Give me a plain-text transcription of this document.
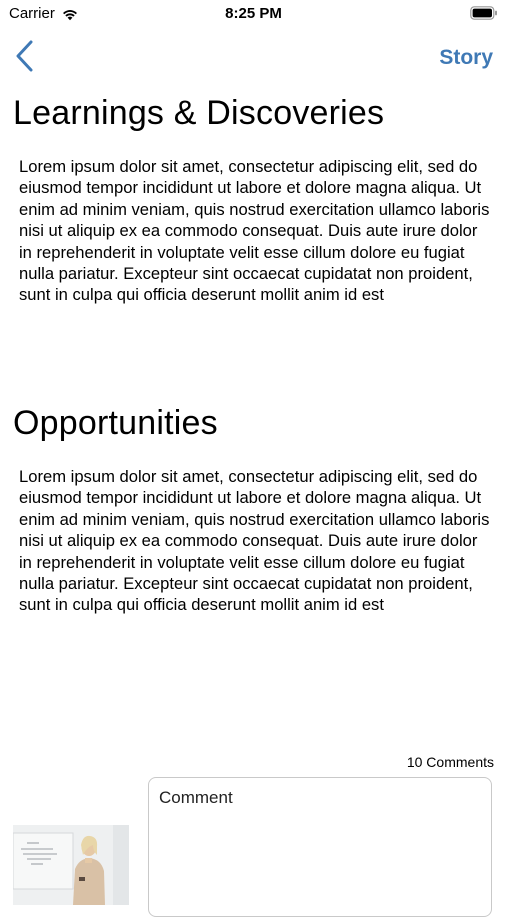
Carrier	8:25 PM
Story
Learnings & Discoveries

Lorem ipsum dolor sit amet, consectetur adipiscing elit, sed do eiusmod tempor incididunt ut labore et dolore magna aliqua. Ut enim ad minim veniam, quis nostrud exercitation ullamco laboris nisi ut aliquip ex ea commodo consequat. Duis aute irure dolor in reprehenderit in voluptate velit esse cillum dolore eu fugiat nulla pariatur. Excepteur sint occaecat cupidatat non proident, sunt in culpa qui officia deserunt mollit anim id est

Opportunities

Lorem ipsum dolor sit amet, consectetur adipiscing elit, sed do eiusmod tempor incididunt ut labore et dolore magna aliqua. Ut enim ad minim veniam, quis nostrud exercitation ullamco laboris nisi ut aliquip ex ea commodo consequat. Duis aute irure dolor in reprehenderit in voluptate velit esse cillum dolore eu fugiat nulla pariatur. Excepteur sint occaecat cupidatat non proident, sunt in culpa qui officia deserunt mollit anim id est

10 Comments
Comment
